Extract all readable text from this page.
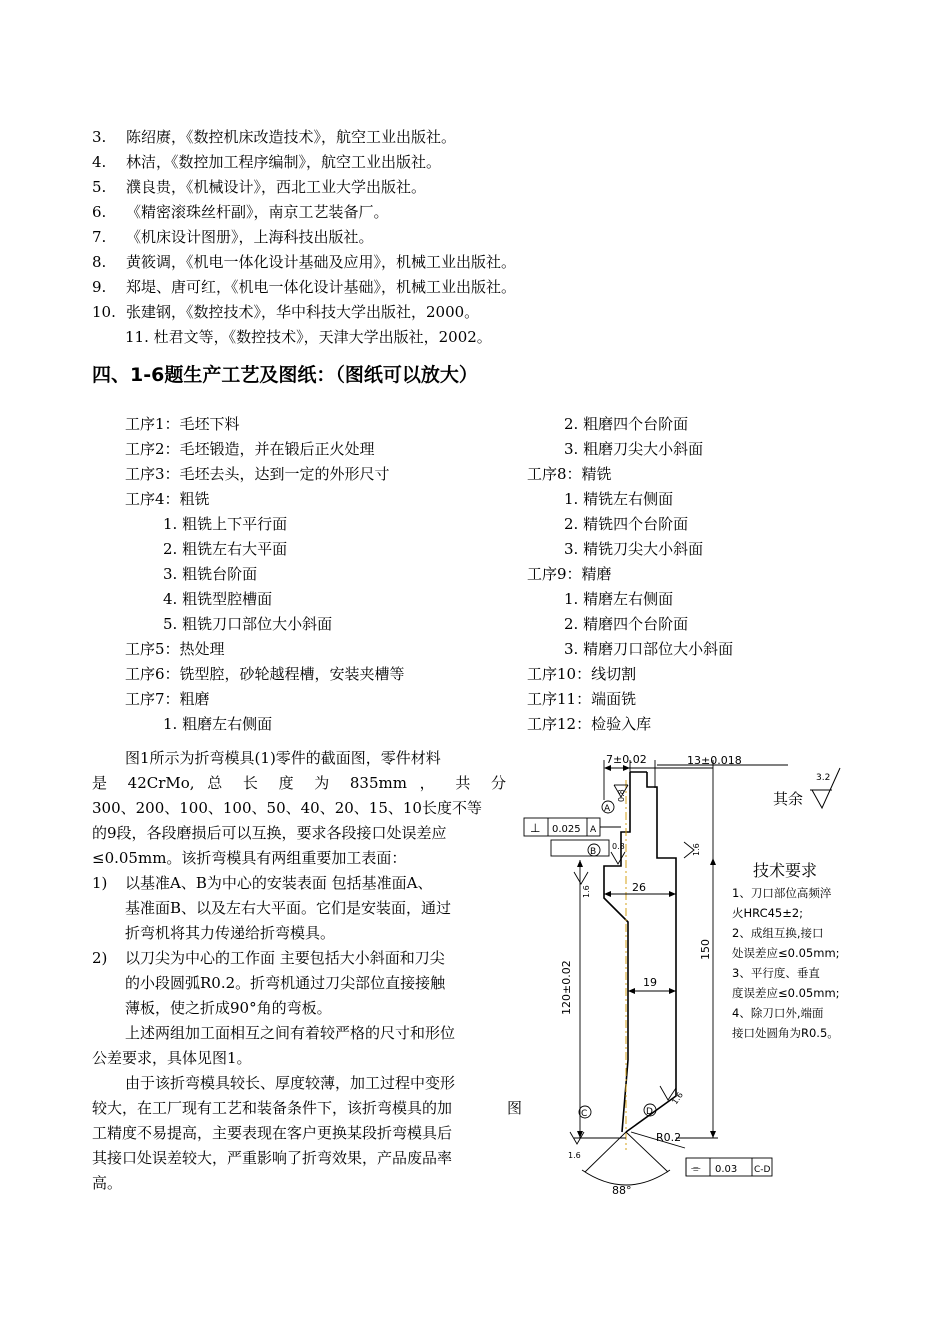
3. 陈绍赓，《数控机床改造技术》，航空工业出版社。
4. 林洁，《数控加工程序编制》，航空工业出版社。
5. 濮良贵，《机械设计》，西北工业大学出版社。
6. 《精密滚珠丝杆副》，南京工艺装备厂。
7. 《机床设计图册》，上海科技出版社。
8. 黄筱调，《机电一体化设计基础及应用》，机械工业出版社。
9. 郑堤、唐可红，《机电一体化设计基础》，机械工业出版社。
10. 张建钢，《数控技术》，华中科技大学出版社，2000。
11. 杜君文等，《数控技术》，天津大学出版社，2002。
四、1-6题生产工艺及图纸：（图纸可以放大）
工序1：毛坯下料
工序2：毛坯锻造，并在锻后正火处理
工序3：毛坯去头，达到一定的外形尺寸
工序4：粗铣
1. 粗铣上下平行面
2. 粗铣左右大平面
3. 粗铣台阶面
4. 粗铣型腔槽面
5. 粗铣刀口部位大小斜面
工序5：热处理
工序6：铣型腔，砂轮越程槽，安装夹槽等
工序7：粗磨
1. 粗磨左右侧面
2. 粗磨四个台阶面
3. 粗磨刀尖大小斜面
工序8：精铣
1. 精铣左右侧面
2. 精铣四个台阶面
3. 精铣刀尖大小斜面
工序9：精磨
1. 精磨左右侧面
2. 精磨四个台阶面
3. 精磨刀口部位大小斜面
工序10：线切割
工序11：端面铣
工序12：检验入库
图1所示为折弯模具(1)零件的截面图，零件材料
是 42CrMo, 总 长 度 为 835mm ， 共 分
300、200、100、100、50、40、20、15、10长度不等
的9段，各段磨损后可以互换，要求各段接口处误差应
≤0.05mm。该折弯模具有两组重要加工表面：
1) 以基准A、B为中心的安装表面 包括基准面A、
基准面B、以及左右大平面。它们是安装面，通过
折弯机将其力传递给折弯模具。
2) 以刀尖为中心的工作面 主要包括大小斜面和刀尖
的小段圆弧R0.2。折弯机通过刀尖部位直接接触
薄板，使之折成90°角的弯板。
上述两组加工面相互之间有着较严格的尺寸和形位
公差要求，具体见图1。
由于该折弯模具较长、厚度较薄，加工过程中变形
较大，在工厂现有工艺和装备条件下，该折弯模具的加
工精度不易提高，主要表现在客户更换某段折弯模具后
其接口处误差较大，严重影响了折弯效果，产品废品率
高。
图
7±0.02	13±0.018
26
19
150
120±0.02
R0.2
88°
其余
3.2
0.8
0.8	1.6
1.6
1.6
1.6
A
B
⊥ 0.025 A
⌯ 0.03 C-D
C	D
技术要求
1、刀口部位高频淬
火HRC45±2;
2、成组互换,接口
处误差应≤0.05mm;
3、平行度、垂直
度误差应≤0.05mm;
4、除刀口外,端面
接口处圆角为R0.5。
